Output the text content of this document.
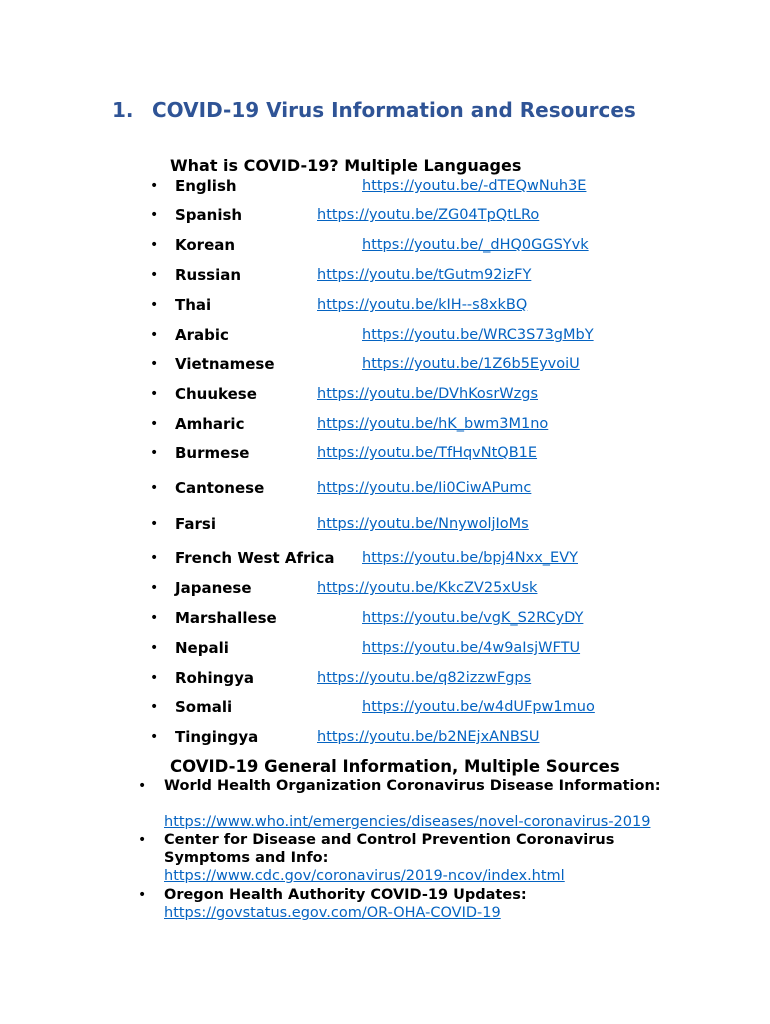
1. COVID-19 Virus Information and Resources
What is COVID-19? Multiple Languages
• English	https://youtu.be/-dTEQwNuh3E
• Spanish	https://youtu.be/ZG04TpQtLRo
• Korean	https://youtu.be/_dHQ0GGSYvk
• Russian	https://youtu.be/tGutm92izFY
• Thai	https://youtu.be/kIH--s8xkBQ
• Arabic	https://youtu.be/WRC3S73gMbY
• Vietnamese	https://youtu.be/1Z6b5EyvoiU
• Chuukese	https://youtu.be/DVhKosrWzgs
• Amharic	https://youtu.be/hK_bwm3M1no
• Burmese	https://youtu.be/TfHqvNtQB1E
• Cantonese	https://youtu.be/Ii0CiwAPumc
• Farsi	https://youtu.be/NnywoljIoMs
• French West Africa https://youtu.be/bpj4Nxx_EVY
• Japanese	https://youtu.be/KkcZV25xUsk
• Marshallese	https://youtu.be/vgK_S2RCyDY
• Nepali	https://youtu.be/4w9aIsjWFTU
• Rohingya	https://youtu.be/q82izzwFgps
• Somali	https://youtu.be/w4dUFpw1muo
• Tingingya	https://youtu.be/b2NEjxANBSU
COVID-19 General Information, Multiple Sources
• World Health Organization Coronavirus Disease Information:
https://www.who.int/emergencies/diseases/novel-coronavirus-2019
• Center for Disease and Control Prevention Coronavirus Symptoms and Info:
https://www.cdc.gov/coronavirus/2019-ncov/index.html
• Oregon Health Authority COVID-19 Updates:
https://govstatus.egov.com/OR-OHA-COVID-19
